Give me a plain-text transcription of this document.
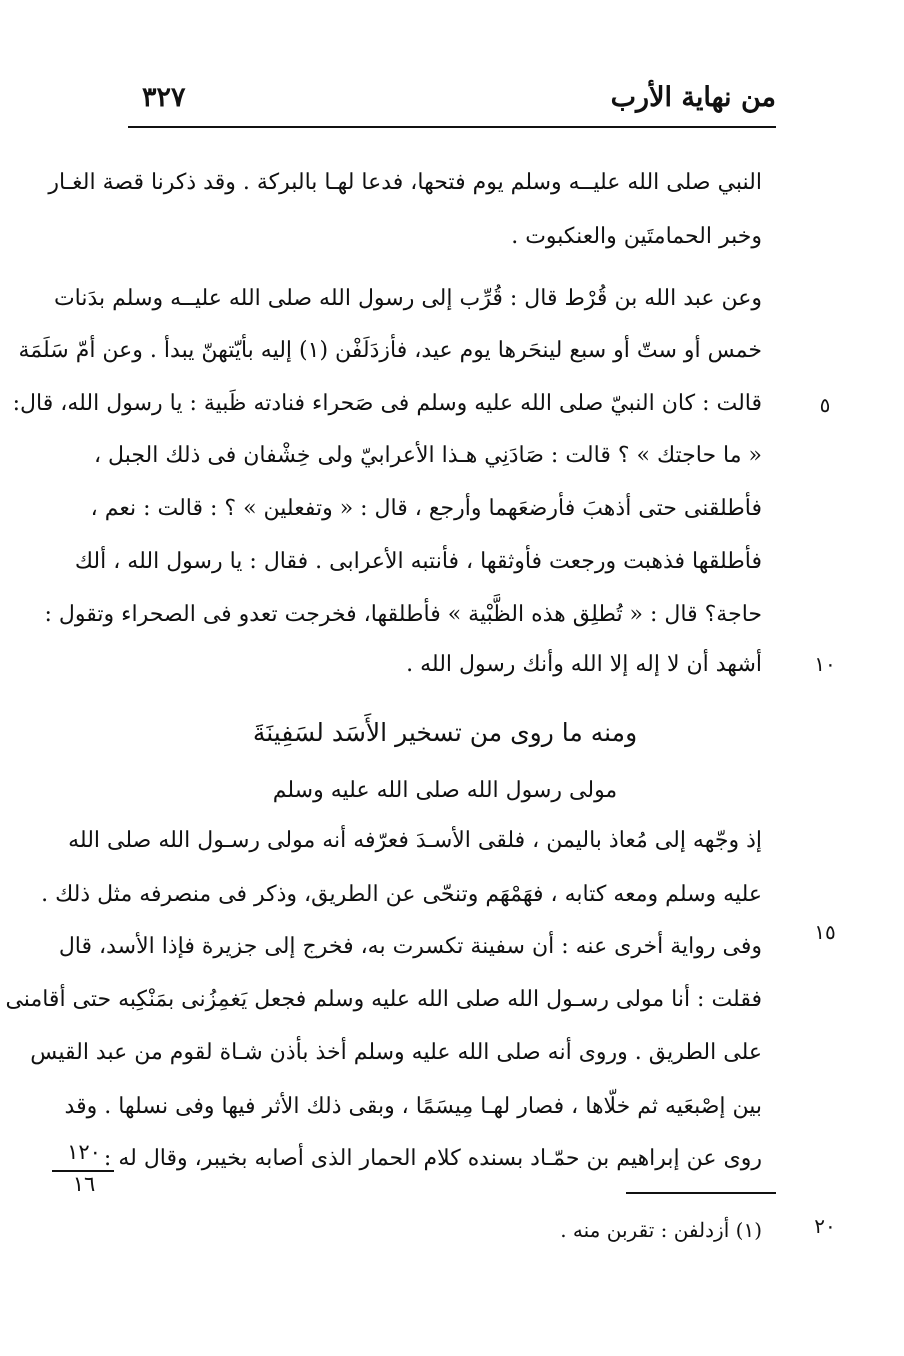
من نهاية الأرب
٣٢٧
النبي صلى الله عليــه وسلم يوم فتحها، فدعا لهـا بالبركة . وقد ذكرنا قصة الغـار
وخبر الحمامتَين والعنكبوت .
وعن عبد الله بن قُرْط قال : قُرِّب إلى رسول الله صلى الله عليــه وسلم بدَنات
خمس أو ستّ أو سبع لينحَرها يوم عيد، فأزدَلَفْن (١) إليه بأيّتهنّ يبدأ . وعن أمّ سَلَمَة
قالت : كان النبيّ صلى الله عليه وسلم فى صَحراء فنادته ظَبية : يا رسول الله، قال:
« ما حاجتك » ؟ قالت : صَادَنِي هـذا الأعرابيّ ولى خِشْفان فى ذلك الجبل ،
فأطلقنى حتى أذهبَ فأرضعَهما وأرجع ، قال : « وتفعلين » ؟ : قالت : نعم ،
فأطلقها فذهبت ورجعت فأوثقها ، فأنتبه الأعرابى . فقال : يا رسول الله ، ألك
حاجة؟ قال : « تُطلِق هذه الظَّبْية » فأطلقها، فخرجت تعدو فى الصحراء وتقول :
أشهد أن لا إله إلا الله وأنك رسول الله .
ومنه ما روى من تسخير الأَسَد لسَفِينَةَ
مولى رسول الله صلى الله عليه وسلم
إذ وجّهه إلى مُعاذ باليمن ، فلقى الأسـدَ فعرّفه أنه مولى رسـول الله صلى الله
عليه وسلم ومعه كتابه ، فهَمْهَم وتنحّى عن الطريق، وذكر فى منصرفه مثل ذلك .
وفى رواية أخرى عنه : أن سفينة تكسرت به، فخرج إلى جزيرة فإذا الأسد، قال
فقلت : أنا مولى رسـول الله صلى الله عليه وسلم فجعل يَغمِزُنى بمَنْكِبه حتى أقامنى
على الطريق . وروى أنه صلى الله عليه وسلم أخذ بأذن شـاة لقوم من عبد القيس
بين إصْبعَيه ثم خلّاها ، فصار لهـا مِيسَمًا ، وبقى ذلك الأثر فيها وفى نسلها . وقد
روى عن إبراهيم بن حمّـاد بسنده كلام الحمار الذى أصابه بخيبر، وقال له :
٥
١٠
١٥
٢٠
١٢٠
١٦
(١) أزدلفن : تقربن منه .
